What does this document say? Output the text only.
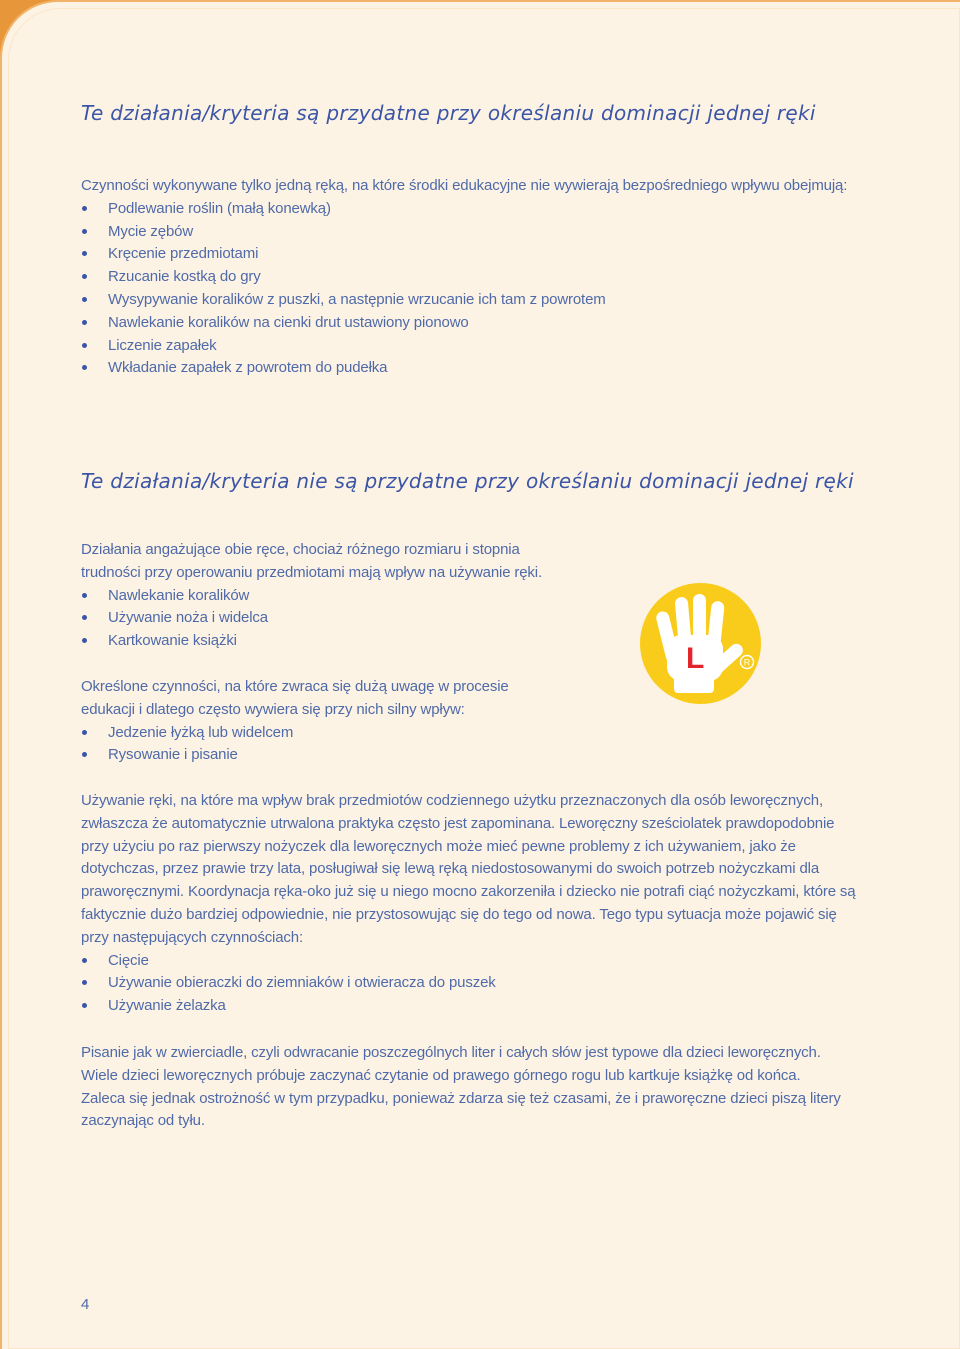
Te działania/kryteria są przydatne przy określaniu dominacji jednej ręki

Czynności wykonywane tylko jedną ręką, na które środki edukacyjne nie wywierają bezpośredniego wpływu obejmują:

Podlewanie roślin (małą konewką)
Mycie zębów
Kręcenie przedmiotami
Rzucanie kostką do gry
Wysypywanie koralików z puszki, a następnie wrzucanie ich tam z powrotem
Nawlekanie koralików na cienki drut ustawiony pionowo
Liczenie zapałek
Wkładanie zapałek z powrotem do pudełka
Te działania/kryteria nie są przydatne przy określaniu dominacji jednej ręki

Działania angażujące obie ręce, chociaż różnego rozmiaru i stopnia

trudności przy operowaniu przedmiotami mają wpływ na używanie ręki.

Nawlekanie koralików
Używanie noża i widelca
Kartkowanie książki

Określone czynności, na które zwraca się dużą uwagę w procesie

edukacji i dlatego często wywiera się przy nich silny wpływ:

Jedzenie łyżką lub widelcem
Rysowanie i pisanie

Używanie ręki, na które ma wpływ brak przedmiotów codziennego użytku przeznaczonych dla osób leworęcznych,

zwłaszcza że automatycznie utrwalona praktyka często jest zapominana. Leworęczny sześciolatek prawdopodobnie

przy użyciu po raz pierwszy nożyczek dla leworęcznych może mieć pewne problemy z ich używaniem, jako że

dotychczas, przez prawie trzy lata, posługiwał się lewą ręką niedostosowanymi do swoich potrzeb nożyczkami dla

praworęcznymi. Koordynacja ręka-oko już się u niego mocno zakorzeniła i dziecko nie potrafi ciąć nożyczkami, które są

faktycznie dużo bardziej odpowiednie, nie przystosowując się do tego od nowa. Tego typu sytuacja może pojawić się

przy następujących czynnościach:

Cięcie
Używanie obieraczki do ziemniaków i otwieracza do puszek
Używanie żelazka

Pisanie jak w zwierciadle, czyli odwracanie poszczególnych liter i całych słów jest typowe dla dzieci leworęcznych.

Wiele dzieci leworęcznych próbuje zaczynać czytanie od prawego górnego rogu lub kartkuje książkę od końca.

Zaleca się jednak ostrożność w tym przypadku, ponieważ zdarza się też czasami, że i praworęczne dzieci piszą litery

zaczynając od tyłu.

L	R
4
